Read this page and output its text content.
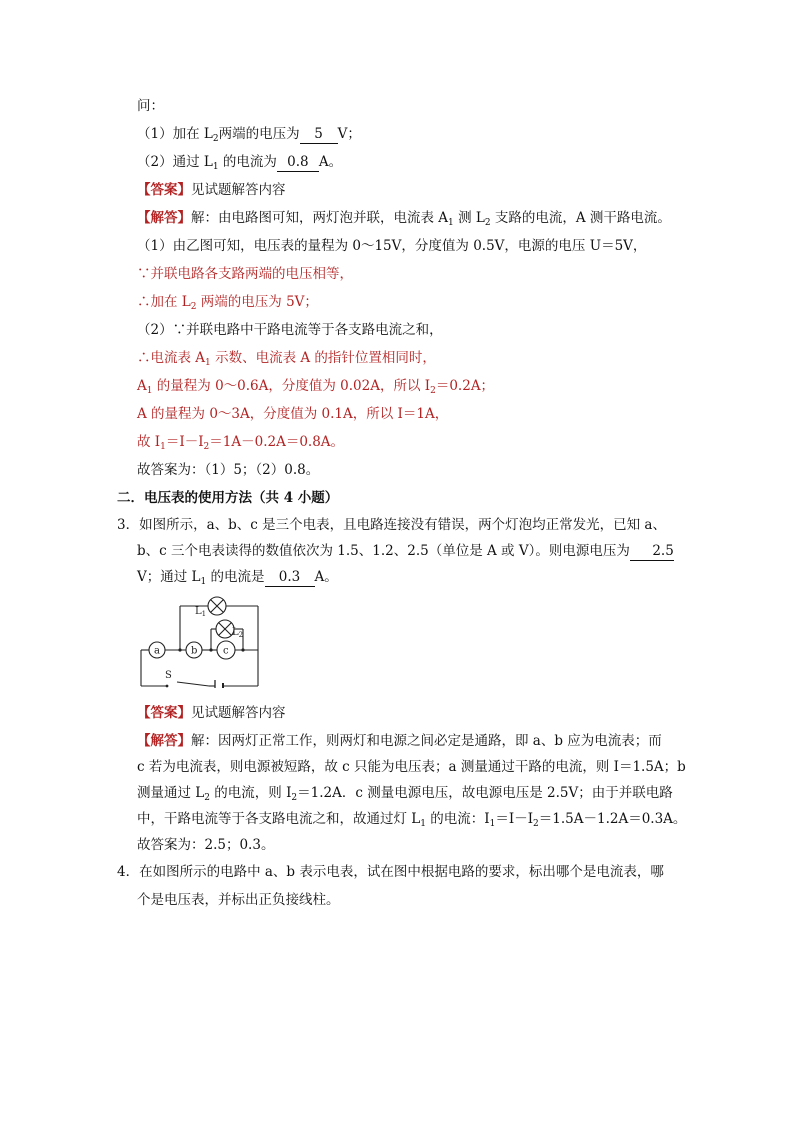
问：
（1）加在 $L_2$两端的电压为 5 V；
（2）通过 $L_1$ 的电流为 0.8 A。
【答案】见试题解答内容
【解答】解：由电路图可知，两灯泡并联，电流表 $A_1$ 测 $L_2$ 支路的电流，A 测干路电流。
（1）由乙图可知，电压表的量程为 0～15V，分度值为 0.5V，电源的电压 U＝5V，
∵并联电路各支路两端的电压相等，
∴加在 $L_2$ 两端的电压为 5V；
（2）∵并联电路中干路电流等于各支路电流之和，
∴电流表 $A_1$ 示数、电流表 A 的指针位置相同时，
$A_1$ 的量程为 0～0.6A，分度值为 0.02A，所以 $I_2=0.2A$；
A 的量程为 0～3A，分度值为 0.1A，所以 I＝1A，
故 $I_1=I-I_2=1A-0.2A=0.8A$。
故答案为：（1）5；（2）0.8。
二．电压表的使用方法（共 4 小题）
3．如图所示，a、b、c 是三个电表，且电路连接没有错误，两个灯泡均正常发光，已知 a、
b、c 三个电表读得的数值依次为 1.5、1.2、2.5（单位是 A 或 V）。则电源电压为 2.5
V；通过 $L_1$ 的电流是 0.3 A。
$L_1$
$L_2$
a	b	c
S
【答案】见试题解答内容
【解答】解：因两灯正常工作，则两灯和电源之间必定是通路，即 a、b 应为电流表；而
c 若为电流表，则电源被短路，故 c 只能为电压表；a 测量通过干路的电流，则 I＝1.5A；b
测量通过 $L_2$ 的电流，则 $I_2=1.2A$．c 测量电源电压，故电源电压是 2.5V；由于并联电路
中，干路电流等于各支路电流之和，故通过灯 $L_1$ 的电流：$I_1=I-I_2=1.5A-1.2A=0.3A$。
故答案为：2.5；0.3。
4．在如图所示的电路中 a、b 表示电表，试在图中根据电路的要求，标出哪个是电流表，哪
个是电压表，并标出正负接线柱。
